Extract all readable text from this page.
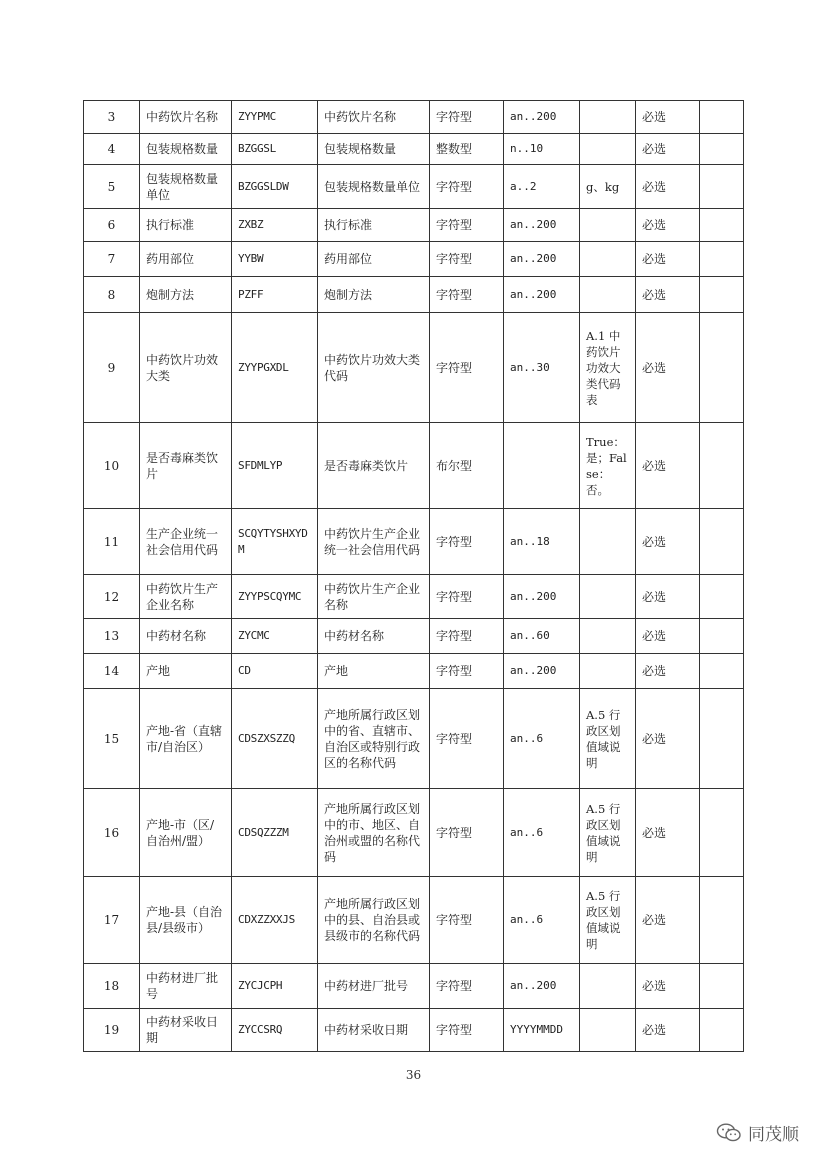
3	中药饮片名称	ZYYPMC	中药饮片名称	字符型	an..200		必选	
4	包装规格数量	BZGGSL	包装规格数量	整数型	n..10		必选	
5	包装规格数量单位	BZGGSLDW	包装规格数量单位	字符型	a..2	g、kg	必选	
6	执行标准	ZXBZ	执行标准	字符型	an..200		必选	
7	药用部位	YYBW	药用部位	字符型	an..200		必选	
8	炮制方法	PZFF	炮制方法	字符型	an..200		必选	
9	中药饮片功效大类	ZYYPGXDL	中药饮片功效大类代码	字符型	an..30	A.1 中药饮片功效大类代码表	必选	
10	是否毒麻类饮片	SFDMLYP	是否毒麻类饮片	布尔型		True：是；False：否。	必选	
11	生产企业统一社会信用代码	SCQYTYSHXYDM	中药饮片生产企业统一社会信用代码	字符型	an..18		必选	
12	中药饮片生产企业名称	ZYYPSCQYMC	中药饮片生产企业名称	字符型	an..200		必选	
13	中药材名称	ZYCMC	中药材名称	字符型	an..60		必选	
14	产地	CD	产地	字符型	an..200		必选	
15	产地-省（直辖市/自治区）	CDSZXSZZQ	产地所属行政区划中的省、直辖市、自治区或特别行政区的名称代码	字符型	an..6	A.5 行政区划值域说明	必选	
16	产地-市（区/自治州/盟）	CDSQZZZM	产地所属行政区划中的市、地区、自治州或盟的名称代码	字符型	an..6	A.5 行政区划值域说明	必选	
17	产地-县（自治县/县级市）	CDXZZXXJS	产地所属行政区划中的县、自治县或县级市的名称代码	字符型	an..6	A.5 行政区划值域说明	必选	
18	中药材进厂批号	ZYCJCPH	中药材进厂批号	字符型	an..200		必选	
19	中药材采收日期	ZYCCSRQ	中药材采收日期	字符型	YYYYMMDD		必选	
36
同茂顺
